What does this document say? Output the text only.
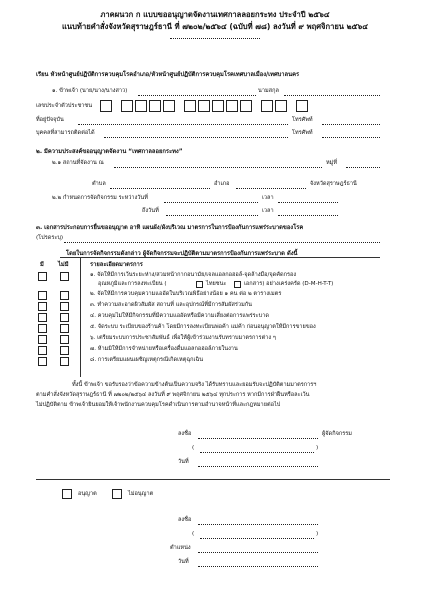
ภาคผนวก ก แบบขออนุญาตจัดงานเทศกาลลอยกระทง ประจำปี ๒๕๖๔
แนบท้ายคำสั่งจังหวัดสุราษฎร์ธานี ที่ ๗๒๐๒/๒๕๖๔ (ฉบับที่ ๗๘) ลงวันที่ ๙ พฤศจิกายน ๒๕๖๔
เรียน หัวหน้าศูนย์ปฏิบัติการควบคุมโรคอำเภอ/หัวหน้าศูนย์ปฏิบัติการควบคุมโรคเทศบาลเมือง/เทศบาลนคร
๑. ข้าพเจ้า (นาย/นาง/นางสาว)	นามสกุล
เลขประจำตัวประชาชน
ที่อยู่ปัจจุบัน	โทรศัพท์
บุคคลที่สามารถติดต่อได้	โทรศัพท์
๒. มีความประสงค์ขออนุญาตจัดงาน “เทศกาลลอยกระทง”
๒.๑ สถานที่จัดงาน ณ	หมู่ที่
ตำบล	อำเภอ	จังหวัดสุราษฎร์ธานี
๒.๒ กำหนดการจัดกิจกรรม ระหว่างวันที่	เวลา
ถึงวันที่	เวลา
๓. เอกสารประกอบการยื่นขออนุญาต อาทิ แผนผัง/ผังบริเวณ มาตรการในการป้องกันการแพร่ระบาดของโรค
(โปรดระบุ)
โดยในการจัดกิจกรรมดังกล่าว ผู้จัดกิจกรรมจะปฏิบัติตามมาตรการป้องกันการแพร่ระบาด ดังนี้
มี ไม่มี	รายละเอียดมาตรการ
๑. จัดให้มีการเว้นระยะห่าง/สวมหน้ากากอนามัย/เจลแอลกอฮอล์-จุดล้างมือ/จุดคัดกรอง
อุณหภูมิและการลงทะเบียน (	ไทยชนะ	เอกสาร) อย่างเคร่งครัด (D-M-H-T-T)
๒. จัดให้มีการควบคุมความแออัดในบริเวณพิธีอย่างน้อย ๑ คน ต่อ ๒ ตารางเมตร
๓. ทำความสะอาดผิวสัมผัส สถานที่ และอุปกรณ์ที่มีการสัมผัสร่วมกัน
๔. ควบคุมไม่ให้มีกิจกรรมที่มีความแออัดหรือมีความเสี่ยงต่อการแพร่ระบาด
๕. จัดระบบ ระเบียบของร้านค้า โดยมีการลงทะเบียนพ่อค้า แม่ค้า ก่อนอนุญาตให้มีการขายของ
๖. เตรียมระบบการประชาสัมพันธ์ เพื่อให้ผู้เข้าร่วมงานรับทราบมาตรการต่าง ๆ
๗. ห้ามมิให้มีการจำหน่ายหรือเครื่องดื่มแอลกอฮอล์ภายในงาน
๘. การเตรียมแผนเผชิญเหตุกรณีเกิดเหตุฉุกเฉิน
ทั้งนี้ ข้าพเจ้า ขอรับรองว่าข้อความข้างต้นเป็นความจริง ได้รับทราบและยอมรับจะปฏิบัติตามมาตรการฯ
ตามคำสั่งจังหวัดสุราษฎร์ธานี ที่ ๗๒๐๒/๒๕๖๔ ลงวันที่ ๙ พฤศจิกายน ๒๕๖๔ ทุกประการ หากมีการฝ่าฝืนหรือละเว้น
ไม่ปฏิบัติตาม ข้าพเจ้ายินยอมให้เจ้าพนักงานควบคุมโรคดำเนินการตามอำนาจหน้าที่และกฎหมายต่อไป
ลงชื่อ	ผู้จัดกิจกรรม
(	)
วันที่
อนุญาต	ไม่อนุญาต
ลงชื่อ
(	)
ตำแหน่ง
วันที่
